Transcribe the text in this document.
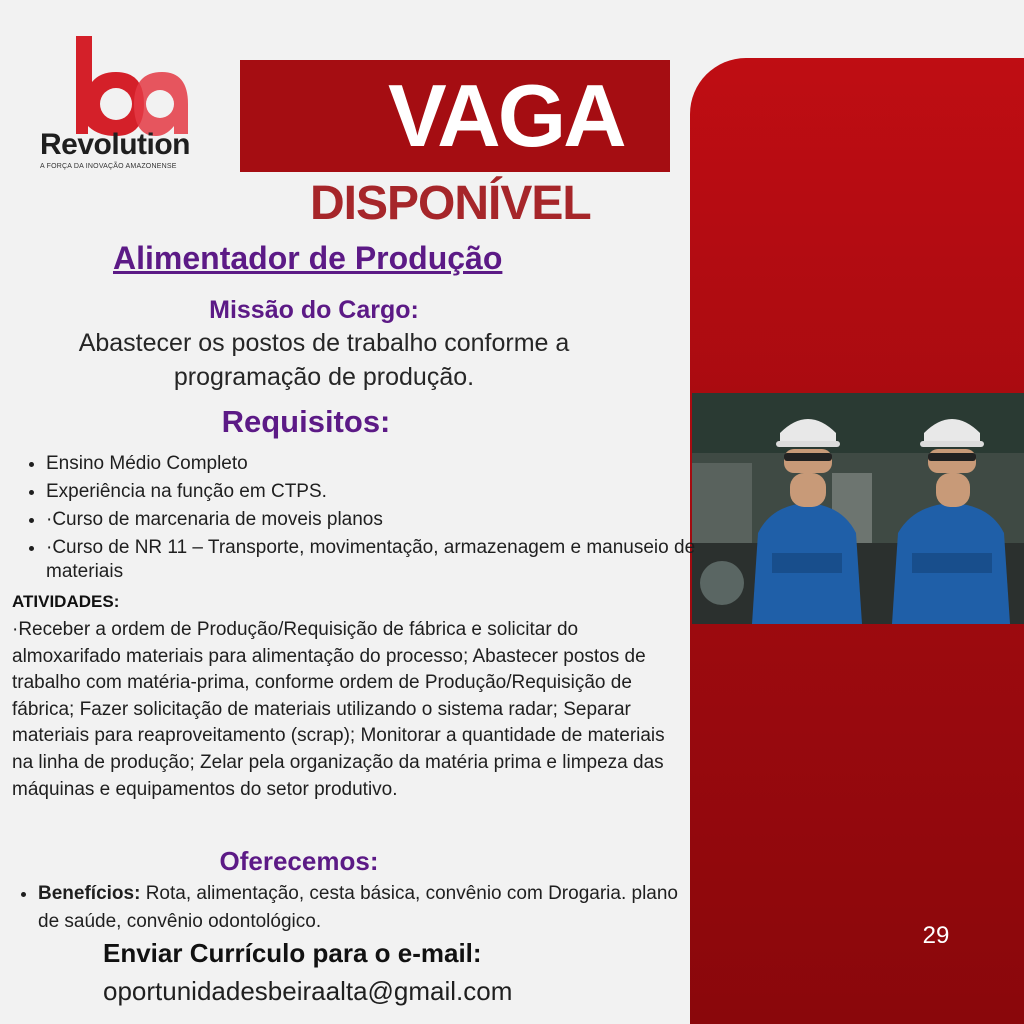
29
Revolution
A FORÇA DA INOVAÇÃO AMAZONENSE
VAGA
DISPONÍVEL
Alimentador de Produção
Missão do Cargo:
Abastecer os postos de trabalho conforme a
programação de produção.
Requisitos:
• Ensino Médio Completo
• Experiência na função em CTPS.
• ·Curso de marcenaria de moveis planos
• ·Curso de NR 11 – Transporte, movimentação, armazenagem e manuseio de materiais
ATIVIDADES:
·Receber a ordem de Produção/Requisição de fábrica e solicitar do almoxarifado materiais para alimentação do processo; Abastecer postos de trabalho com matéria-prima, conforme ordem de Produção/Requisição de fábrica; Fazer solicitação de materiais utilizando o sistema radar; Separar materiais para reaproveitamento (scrap); Monitorar a quantidade de materiais na linha de produção; Zelar pela organização da matéria prima e limpeza das máquinas e equipamentos do setor produtivo.
Oferecemos:
• Benefícios: Rota, alimentação, cesta básica, convênio com Drogaria. plano de saúde, convênio odontológico.
Enviar Currículo para o e-mail:
oportunidadesbeiraalta@gmail.com
